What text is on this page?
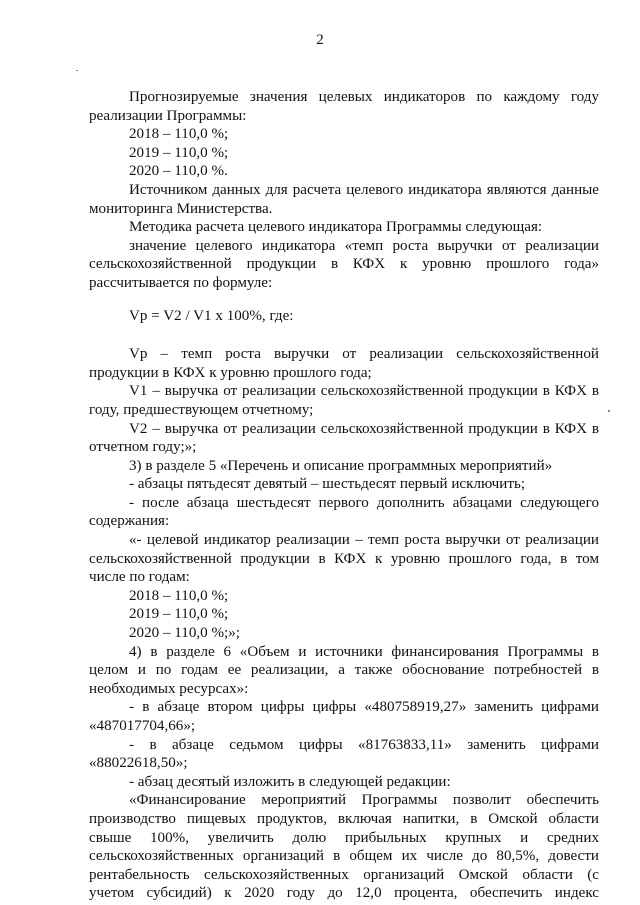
2
Прогнозируемые значения целевых индикаторов по каждому году
реализации Программы:
2018 – 110,0 %;
2019 – 110,0 %;
2020 – 110,0 %.
Источником данных для расчета целевого индикатора являются данные
мониторинга Министерства.
Методика расчета целевого индикатора Программы следующая:
значение целевого индикатора «темп роста выручки от реализации
сельскохозяйственной продукции в КФХ к уровню прошлого года»
рассчитывается по формуле:
Vp = V2 / V1 x 100%, где:
Vp – темп роста выручки от реализации сельскохозяйственной
продукции в КФХ к уровню прошлого года;
V1 – выручка от реализации сельскохозяйственной продукции в КФХ в
году, предшествующем отчетному;
V2 – выручка от реализации сельскохозяйственной продукции в КФХ в
отчетном году;»;
3) в разделе 5 «Перечень и описание программных мероприятий»
- абзацы пятьдесят девятый – шестьдесят первый исключить;
- после абзаца шестьдесят первого дополнить абзацами следующего
содержания:
«- целевой индикатор реализации – темп роста выручки от реализации
сельскохозяйственной продукции в КФХ к уровню прошлого года, в том
числе по годам:
2018 – 110,0 %;
2019 – 110,0 %;
2020 – 110,0 %;»;
4) в разделе 6 «Объем и источники финансирования Программы в
целом и по годам ее реализации, а также обоснование потребностей в
необходимых ресурсах»:
- в абзаце втором цифры цифры «480758919,27» заменить цифрами
«487017704,66»;
- в абзаце седьмом цифры «81763833,11» заменить цифрами
«88022618,50»;
- абзац десятый изложить в следующей редакции:
«Финансирование мероприятий Программы позволит обеспечить
производство пищевых продуктов, включая напитки, в Омской области
свыше 100%, увеличить долю прибыльных крупных и средних
сельскохозяйственных организаций в общем их числе до 80,5%, довести
рентабельность сельскохозяйственных организаций Омской области (с
учетом субсидий) к 2020 году до 12,0 процента, обеспечить индекс
